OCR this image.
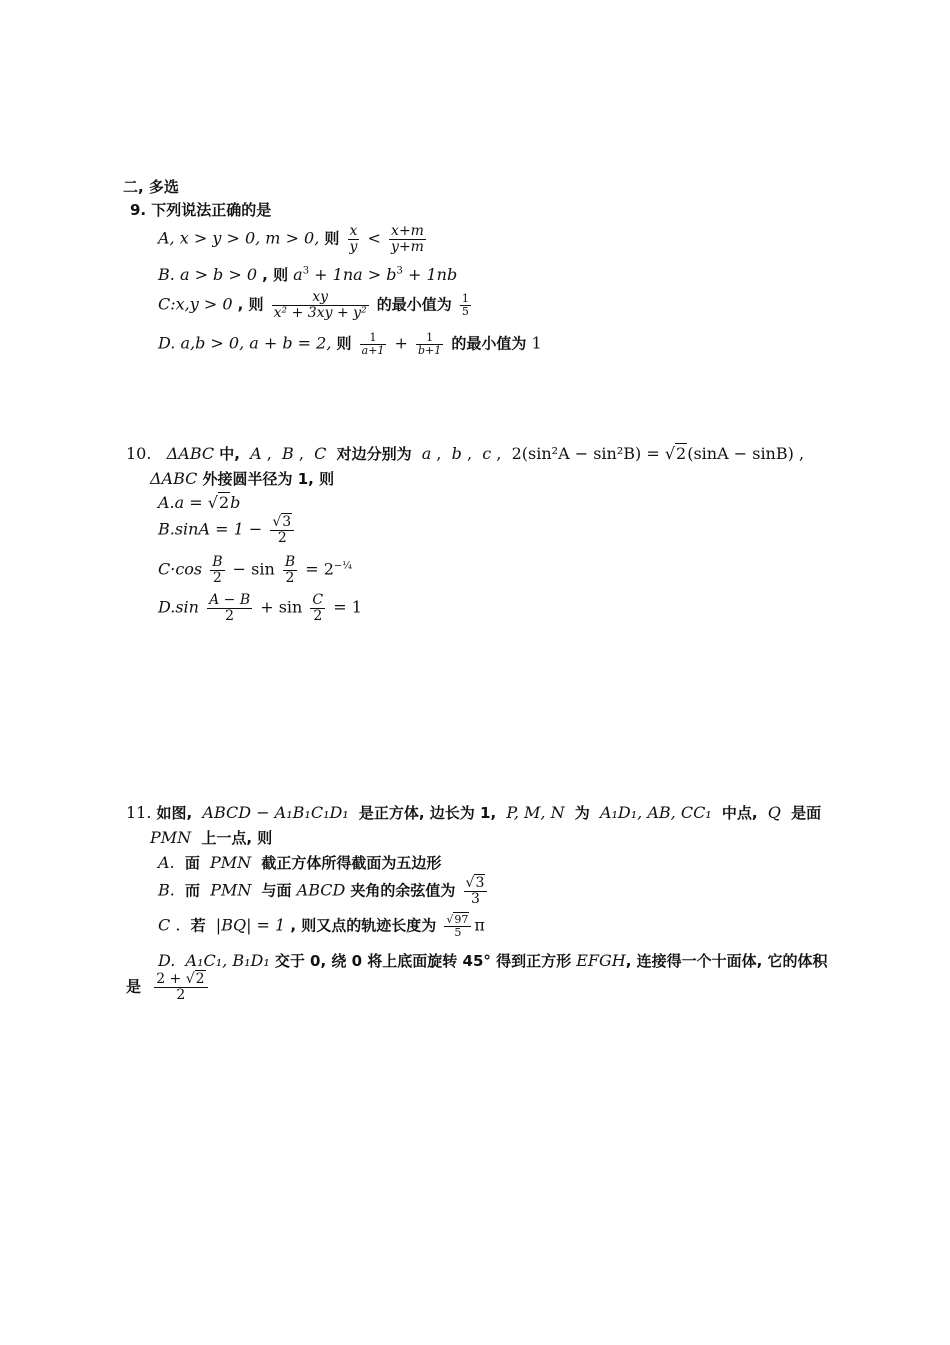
二, 多选
9. 下列说法正确的是
A, x > y > 0, m > 0, 则 $\frac{x}{y} < \frac{x+m}{y+m}$
B. a > b > 0 , 则 $a^3 + 1na > b^3 + 1nb$
C:x,y > 0 , 则 $\frac{xy}{\text{x² + 3xy + y²}}$ 的最小值为 $\frac{1}{5}$
D. a,b > 0, a + b = 2, 则 $\frac{1}{a+1} + \frac{1}{b+1}$ 的最小值为 1
10. ΔABC 中, A , B , C 对边分别为 a , b , c , 2(sin²A − sin²B) = √2(sinA − sinB) ,
ΔABC 外接圆半径为 1, 则
A.a = √2b
$B.\sin A = 1 - \frac{√3}{2}$
$C\cdot\cos \frac{B}{2} - \sin \frac{B}{2} = 2^{-\frac{1}{4}}$
$D.\sin \frac{A - B}{2} + \sin \frac{C}{2} = 1$
11. 如图, ABCD − A₁B₁C₁D₁ 是正方体, 边长为 1, P, M, N 为 A₁D₁, AB, CC₁ 中点, Q 是面
PMN 上一点, 则
A. 面 PMN 截正方体所得截面为五边形
B. 而 PMN 与面 ABCD 夹角的余弦值为 $\frac{√3}{3}$
C . 若 |BQ| = 1 , 则又点的轨迹长度为 $\frac{√97}{5}$ π
D. A₁C₁, B₁D₁ 交于 0, 绕 0 将上底面旋转 45° 得到正方形 EFGH, 连接得一个十面体, 它的体积
是 $\frac{2 + √2}{2}$
